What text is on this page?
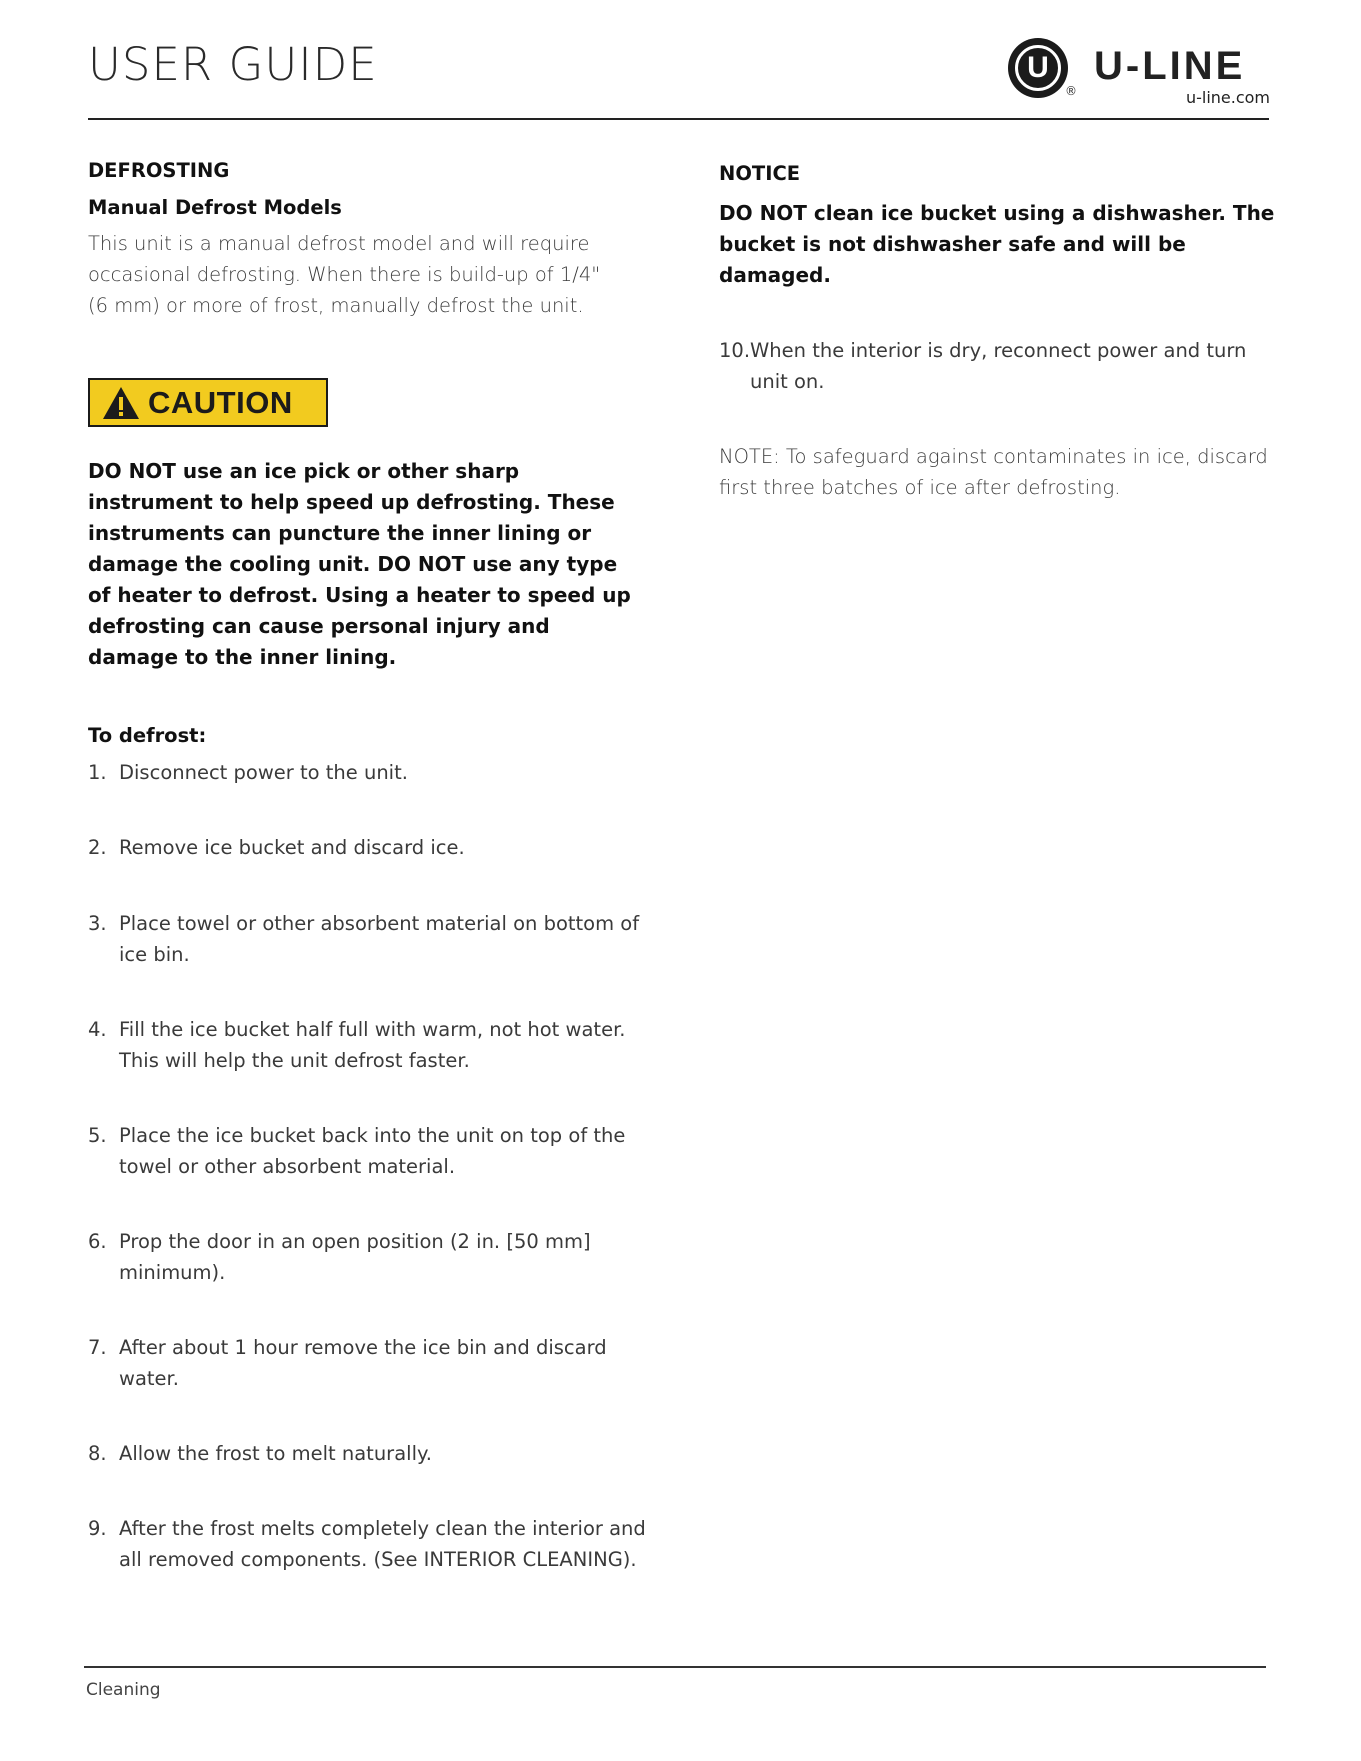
USER GUIDE	U
®
U-LINE
u-line.com
DEFROSTING
Manual Defrost Models
This unit is a manual defrost model and will require occasional defrosting. When there is build-up of 1/4" (6 mm) or more of frost, manually defrost the unit.
CAUTION
DO NOT use an ice pick or other sharp instrument to help speed up defrosting. These instruments can puncture the inner lining or damage the cooling unit. DO NOT use any type of heater to defrost. Using a heater to speed up defrosting can cause personal injury and damage to the inner lining.
To defrost:
1. Disconnect power to the unit.
2. Remove ice bucket and discard ice.
3. Place towel or other absorbent material on bottom of ice bin.
4. Fill the ice bucket half full with warm, not hot water. This will help the unit defrost faster.
5. Place the ice bucket back into the unit on top of the towel or other absorbent material.
6. Prop the door in an open position (2 in. [50 mm] minimum).
7. After about 1 hour remove the ice bin and discard water.
8. Allow the frost to melt naturally.
9. After the frost melts completely clean the interior and all removed components. (See INTERIOR CLEANING).
NOTICE
DO NOT clean ice bucket using a dishwasher. The bucket is not dishwasher safe and will be damaged.
10. When the interior is dry, reconnect power and turn unit on.
NOTE: To safeguard against contaminates in ice, discard first three batches of ice after defrosting.
Cleaning
